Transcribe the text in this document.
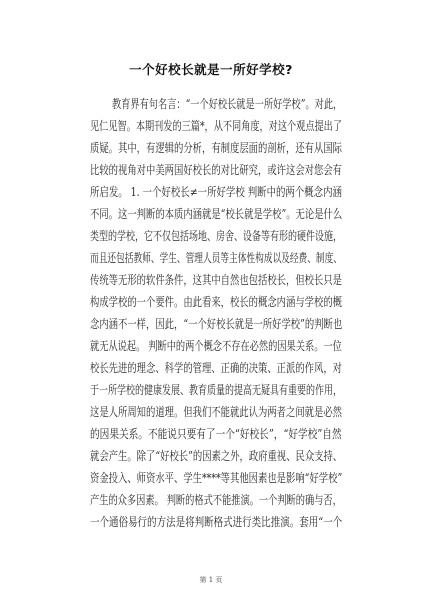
一个好校长就是一所好学校?
教育界有句名言：“一个好校长就是一所好学校”。对此，
见仁见智。本期刊发的三篇*，从不同角度，对这个观点提出了
质疑。其中，有逻辑的分析，有制度层面的剖析，还有从国际
比较的视角对中美两国好校长的对比研究，或许这会对您会有
所启发。 1. 一个好校长≠一所好学校 判断中的两个概念内涵
不同。这一判断的本质内涵就是“校长就是学校”。无论是什么
类型的学校，它不仅包括场地、房舍、设备等有形的硬件设施，
而且还包括教师、学生、管理人员等主体性构成以及经费、制度、
传统等无形的软件条件，这其中自然也包括校长，但校长只是
构成学校的一个要件。由此看来，校长的概念内涵与学校的概
念内涵不一样，因此，“一个好校长就是一所好学校”的判断也
就无从说起。 判断中的两个概念不存在必然的因果关系。一位
校长先进的理念、科学的管理、正确的决策、正派的作风，对
于一所学校的健康发展、教育质量的提高无疑具有重要的作用，
这是人所周知的道理。但我们不能就此认为两者之间就是必然
的因果关系。不能说只要有了一个“好校长”，“好学校”自然
就会产生。除了“好校长”的因素之外，政府重视、民众支持、
资金投入、师资水平、学生****等其他因素也是影响“好学校”
产生的众多因素。 判断的格式不能推演。一个判断的确与否，
一个通俗易行的方法是将判断格式进行类比推演。套用“一个
第 1 页
